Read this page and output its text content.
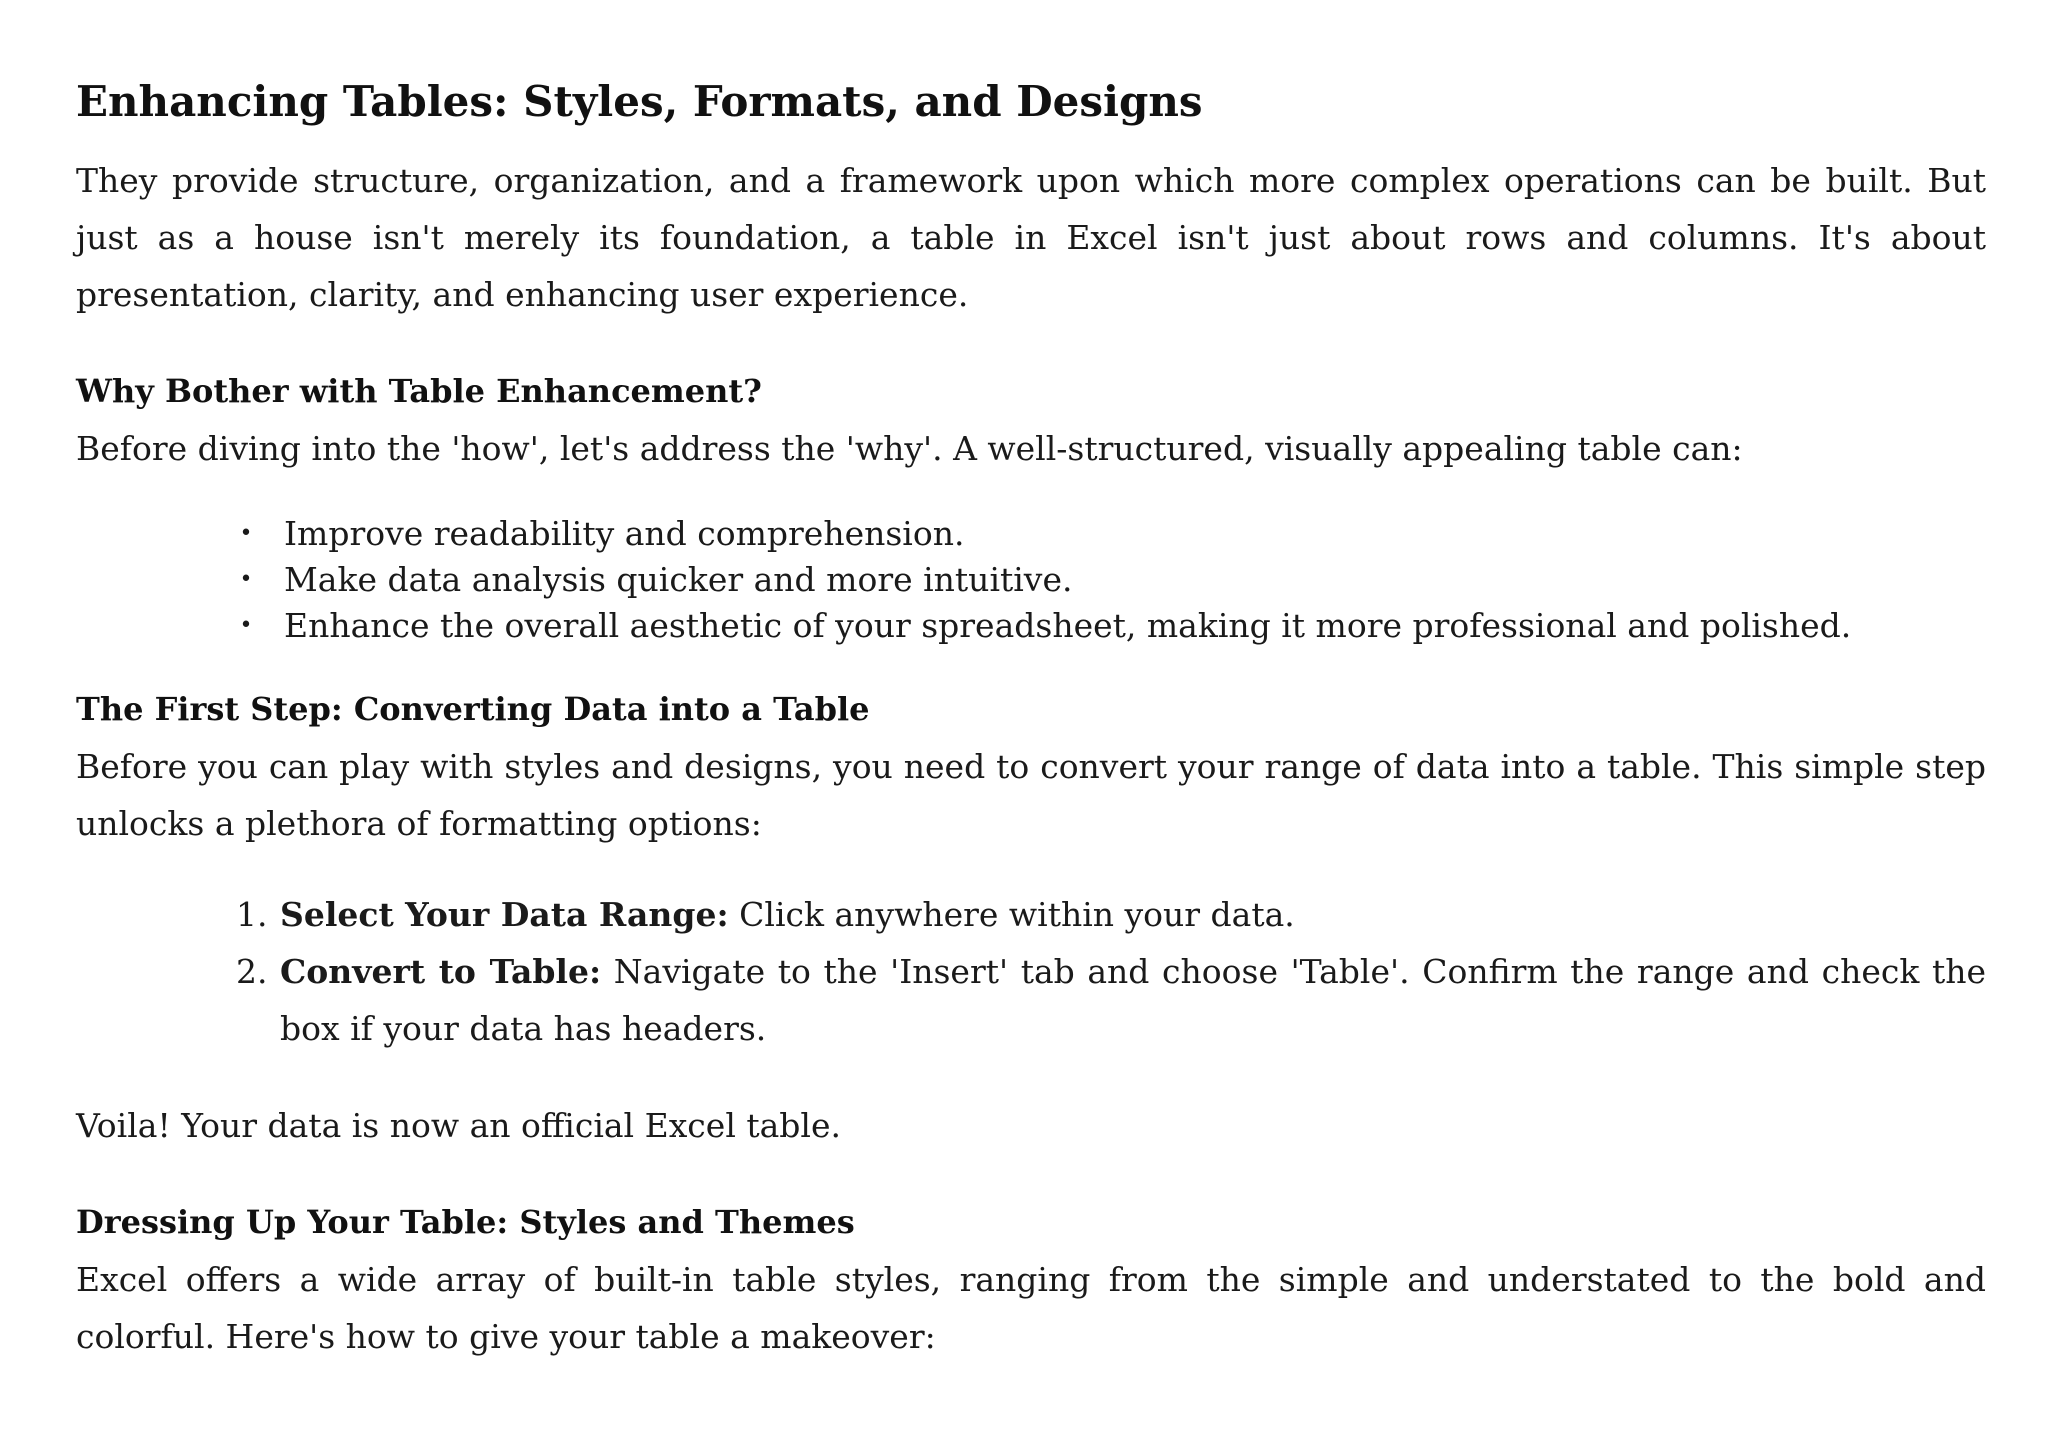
Enhancing Tables: Styles, Formats, and Designs

They provide structure, organization, and a framework upon which more complex operations can be built. But just as a house isn't merely its foundation, a table in Excel isn't just about rows and columns. It's about presentation, clarity, and enhancing user experience.

Why Bother with Table Enhancement?

Before diving into the 'how', let's address the 'why'. A well-structured, visually appealing table can:

• Improve readability and comprehension.
• Make data analysis quicker and more intuitive.
• Enhance the overall aesthetic of your spreadsheet, making it more professional and polished.
The First Step: Converting Data into a Table

Before you can play with styles and designs, you need to convert your range of data into a table. This simple step unlocks a plethora of formatting options:

1. Select Your Data Range: Click anywhere within your data.
2. Convert to Table: Navigate to the 'Insert' tab and choose 'Table'. Confirm the range and check the box if your data has headers.

Voila! Your data is now an official Excel table.

Dressing Up Your Table: Styles and Themes

Excel offers a wide array of built-in table styles, ranging from the simple and understated to the bold and colorful. Here's how to give your table a makeover:
